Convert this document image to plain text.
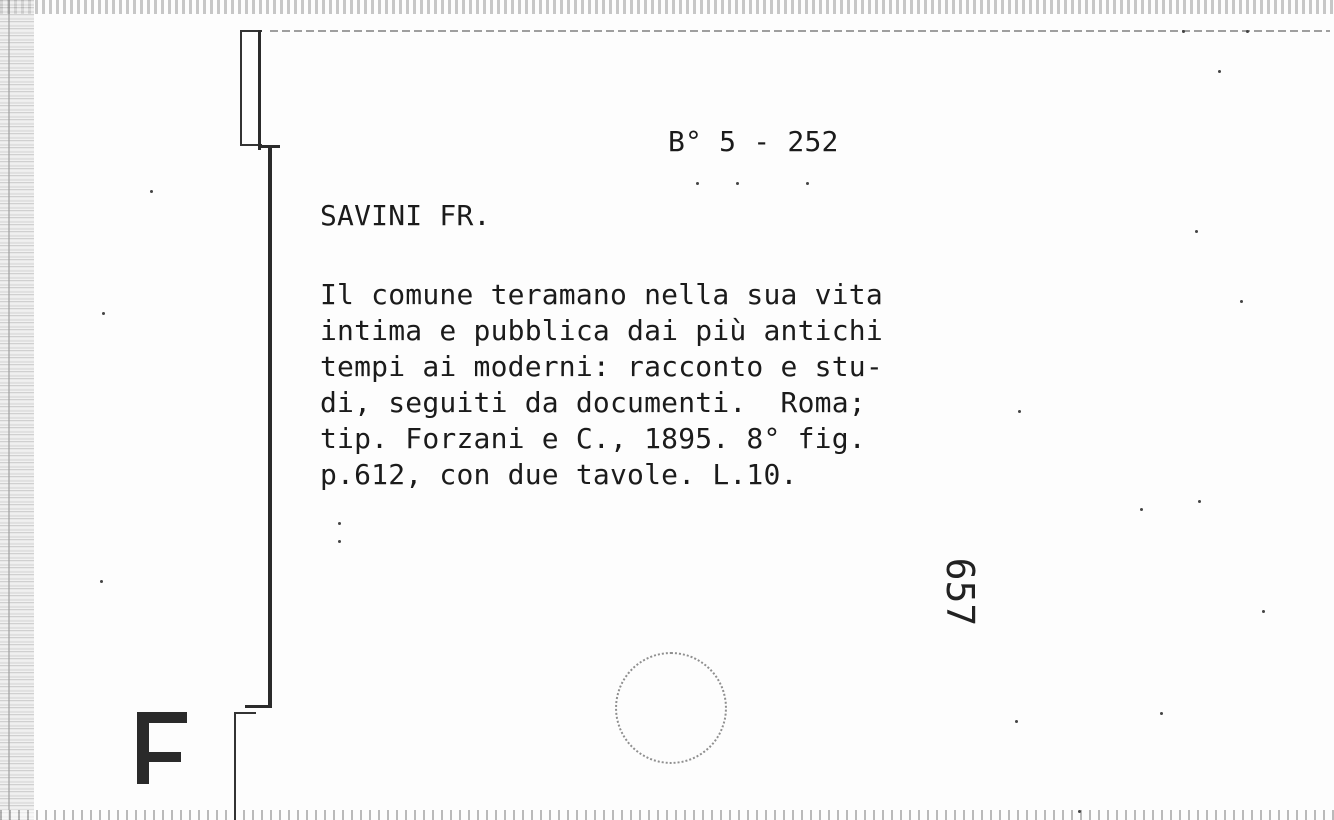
B° 5 - 252
SAVINI FR.
Il comune teramano nella sua vita
intima e pubblica dai più antichi
tempi ai moderni: racconto e stu-
di, seguiti da documenti.  Roma;
tip. Forzani e C., 1895. 8° fig.
p.612, con due tavole. L.10.
657
